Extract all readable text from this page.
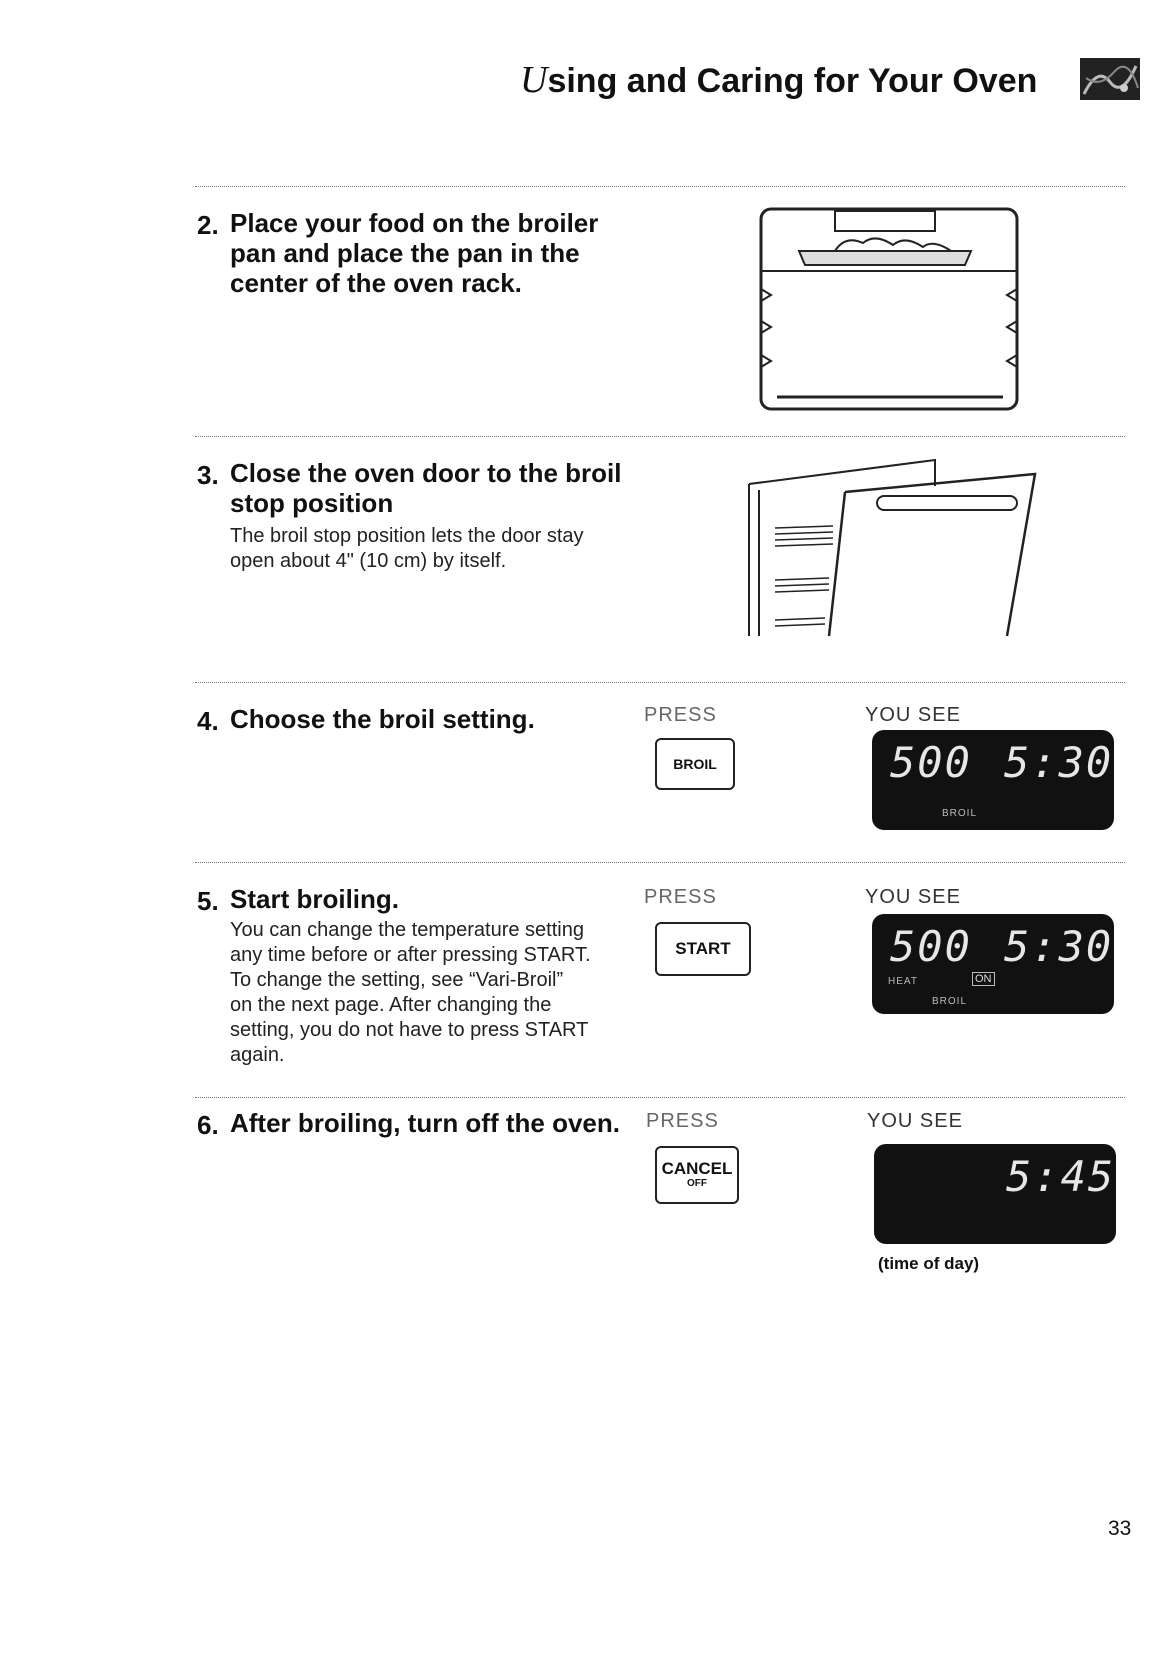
Using and Caring for Your Oven
2. Place your food on the broiler
pan and place the pan in the
center of the oven rack.
3. Close the oven door to the broil
stop position
The broil stop position lets the door stay
open about 4" (10 cm) by itself.
4. Choose the broil setting.	PRESS	YOU SEE
BROIL	500 5:30
BROIL
5. Start broiling.
You can change the temperature setting
any time before or after pressing START.
To change the setting, see “Vari-Broil”
on the next page. After changing the
setting, you do not have to press START
again.
PRESS	YOU SEE
START	500 5:30
HEAT	ON
BROIL
6. After broiling, turn off the oven. PRESS	YOU SEE
CANCEL
OFF	5:45
(time of day)
33
